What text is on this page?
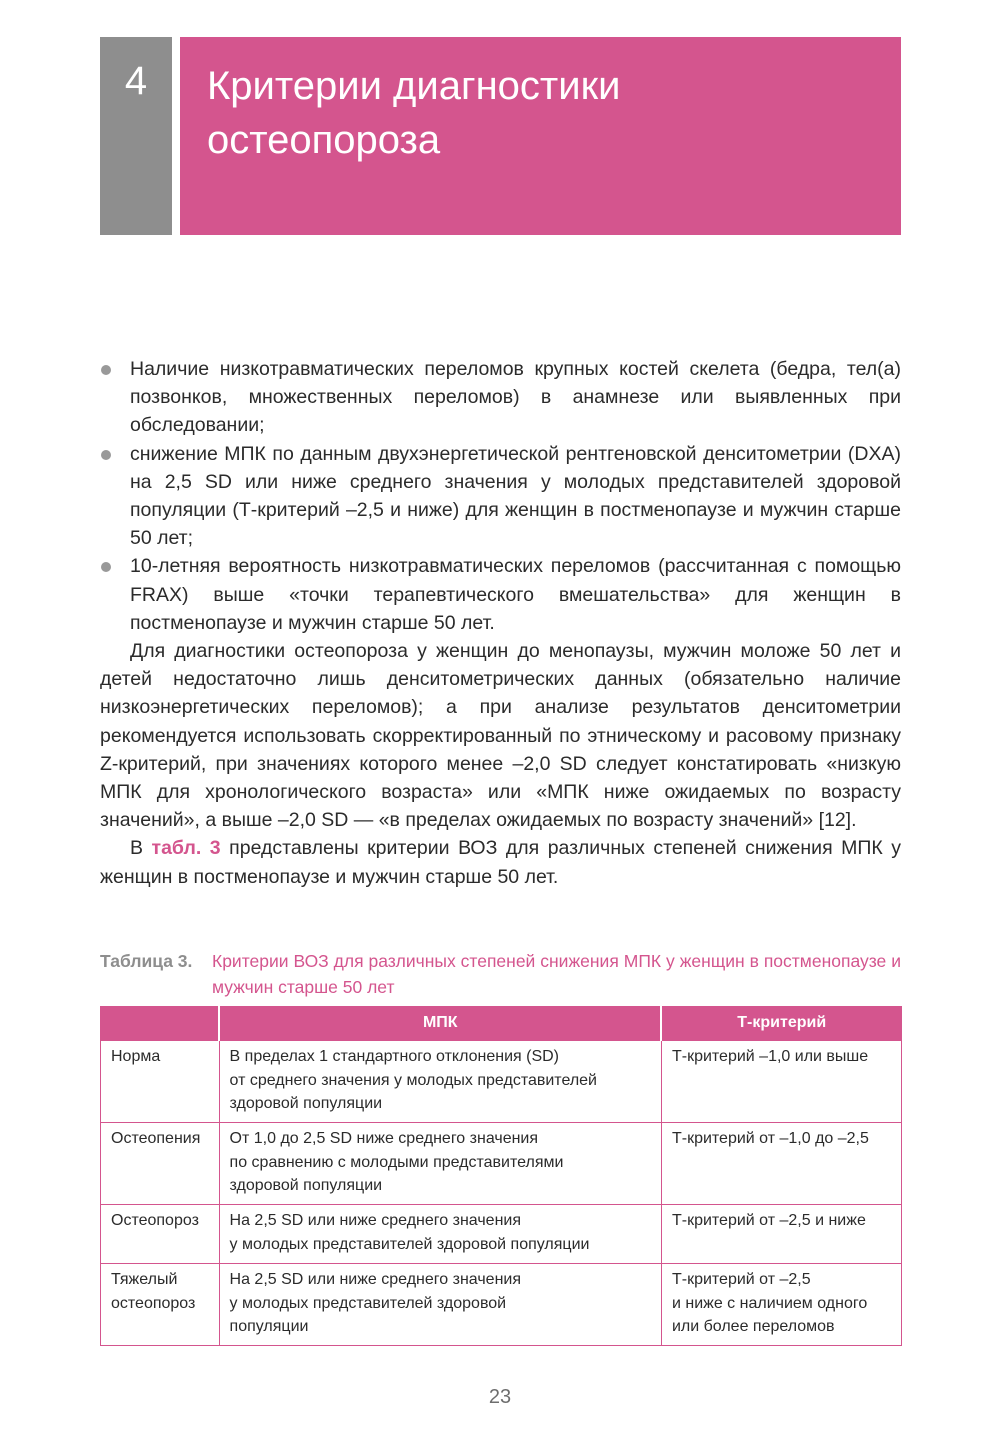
4	Критерии диагностики
остеопороза
Наличие низкотравматических переломов крупных костей скелета (бедра, тел(а) позвонков, множественных переломов) в анамнезе или выявленных при обследовании;
снижение МПК по данным двухэнергетической рентгеновской денситометрии (DXA) на 2,5 SD или ниже среднего значения у молодых представителей здоровой популяции (Т-критерий –2,5 и ниже) для женщин в постменопаузе и мужчин старше 50 лет;
10-летняя вероятность низкотравматических переломов (рассчитанная с помощью FRAX) выше «точки терапевтического вмешательства» для женщин в постменопаузе и мужчин старше 50 лет.

Для диагностики остеопороза у женщин до менопаузы, мужчин моложе 50 лет и детей недостаточно лишь денситометрических данных (обязательно наличие низкоэнергетических переломов); а при анализе результатов денситометрии рекомендуется использовать скорректированный по этническому и расовому признаку Z-критерий, при значениях которого менее –2,0 SD следует констатировать «низкую МПК для хронологического возраста» или «МПК ниже ожидаемых по возрасту значений», а выше –2,0 SD — «в пределах ожидаемых по возрасту значений» [12].

В табл. 3 представлены критерии ВОЗ для различных степеней снижения МПК у женщин в постменопаузе и мужчин старше 50 лет.

Таблица 3.	Критерии ВОЗ для различных степеней снижения МПК у женщин в постменопаузе и мужчин старше 50 лет
	МПК	Т-критерий

Норма	В пределах 1 стандартного отклонения (SD)
от среднего значения у молодых представителей
здоровой популяции	Т-критерий –1,0 или выше

Остеопения	От 1,0 до 2,5 SD ниже среднего значения
по сравнению с молодыми представителями
здоровой популяции	Т-критерий от –1,0 до –2,5

Остеопороз	На 2,5 SD или ниже среднего значения
у молодых представителей здоровой популяции	Т-критерий от –2,5 и ниже

Тяжелый
остеопороз	На 2,5 SD или ниже среднего значения
у молодых представителей здоровой
популяции	Т-критерий от –2,5
и ниже с наличием одного
или более переломов
23
